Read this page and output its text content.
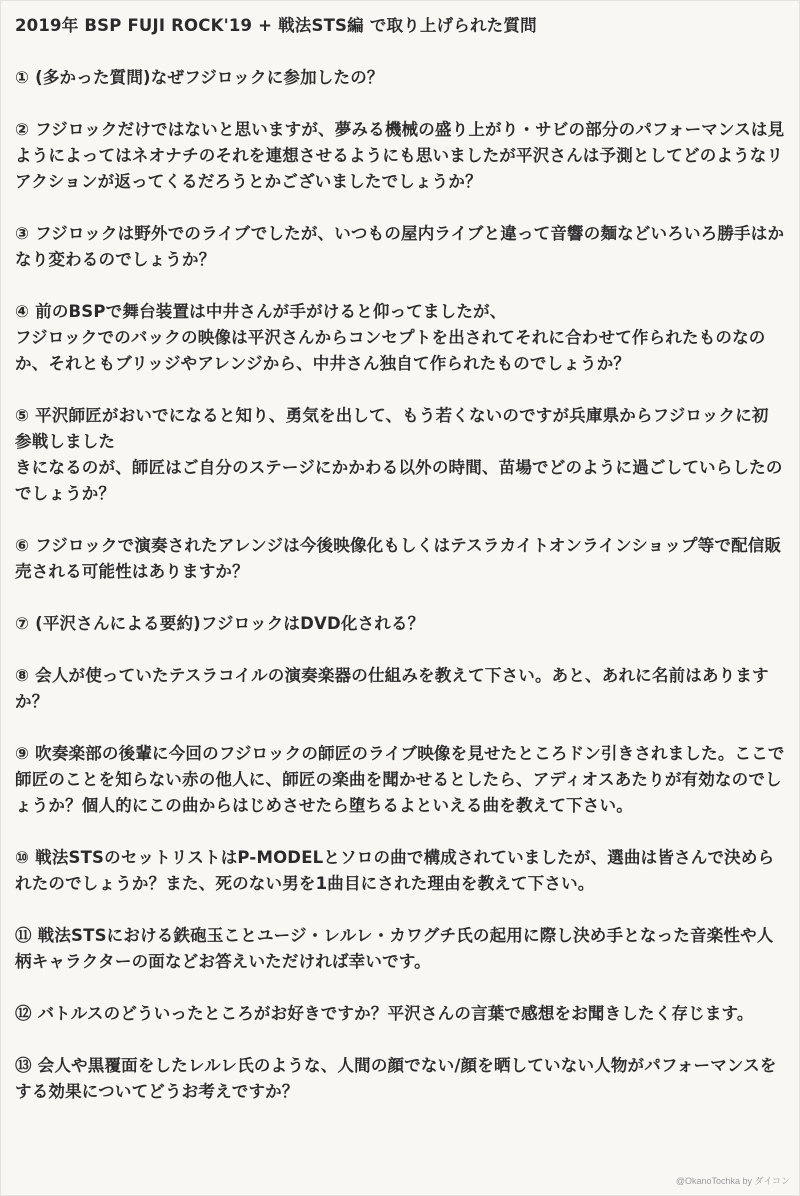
2019年 BSP FUJI ROCK'19 + 戦法STS編 で取り上げられた質問
① (多かった質問)なぜフジロックに参加したの？
② フジロックだけではないと思いますが、夢みる機械の盛り上がり・サビの部分のパフォーマンスは見ようによってはネオナチのそれを連想させるようにも思いましたが平沢さんは予測としてどのようなリアクションが返ってくるだろうとかございましたでしょうか？
③ フジロックは野外でのライブでしたが、いつもの屋内ライブと違って音響の麺などいろいろ勝手はかなり変わるのでしょうか？
④ 前のBSPで舞台装置は中井さんが手がけると仰ってましたが、
フジロックでのバックの映像は平沢さんからコンセプトを出されてそれに合わせて作られたものなのか、それともブリッジやアレンジから、中井さん独自て作られたものでしょうか？
⑤ 平沢師匠がおいでになると知り、勇気を出して、もう若くないのですが兵庫県からフジロックに初参戦しました
きになるのが、師匠はご自分のステージにかかわる以外の時間、苗場でどのように過ごしていらしたのでしょうか？
⑥ フジロックで演奏されたアレンジは今後映像化もしくはテスラカイトオンラインショップ等で配信販売される可能性はありますか？
⑦ (平沢さんによる要約)フジロックはDVD化される？
⑧ 会人が使っていたテスラコイルの演奏楽器の仕組みを教えて下さい。あと、あれに名前はありますか？
⑨ 吹奏楽部の後輩に今回のフジロックの師匠のライブ映像を見せたところドン引きされました。ここで師匠のことを知らない赤の他人に、師匠の楽曲を聞かせるとしたら、アディオスあたりが有効なのでしょうか？個人的にこの曲からはじめさせたら堕ちるよといえる曲を教えて下さい。
⑩ 戦法STSのセットリストはP-MODELとソロの曲で構成されていましたが、選曲は皆さんで決められたのでしょうか？また、死のない男を1曲目にされた理由を教えて下さい。
⑪ 戦法STSにおける鉄砲玉ことユージ・レルレ・カワグチ氏の起用に際し決め手となった音楽性や人柄キャラクターの面などお答えいただければ幸いです。
⑫ バトルスのどういったところがお好きですか？平沢さんの言葉で感想をお聞きしたく存じます。
⑬ 会人や黒覆面をしたレルレ氏のような、人間の顔でない/顔を晒していない人物がパフォーマンスをする効果についてどうお考えですか？
@OkanoTochka by ダイコン
